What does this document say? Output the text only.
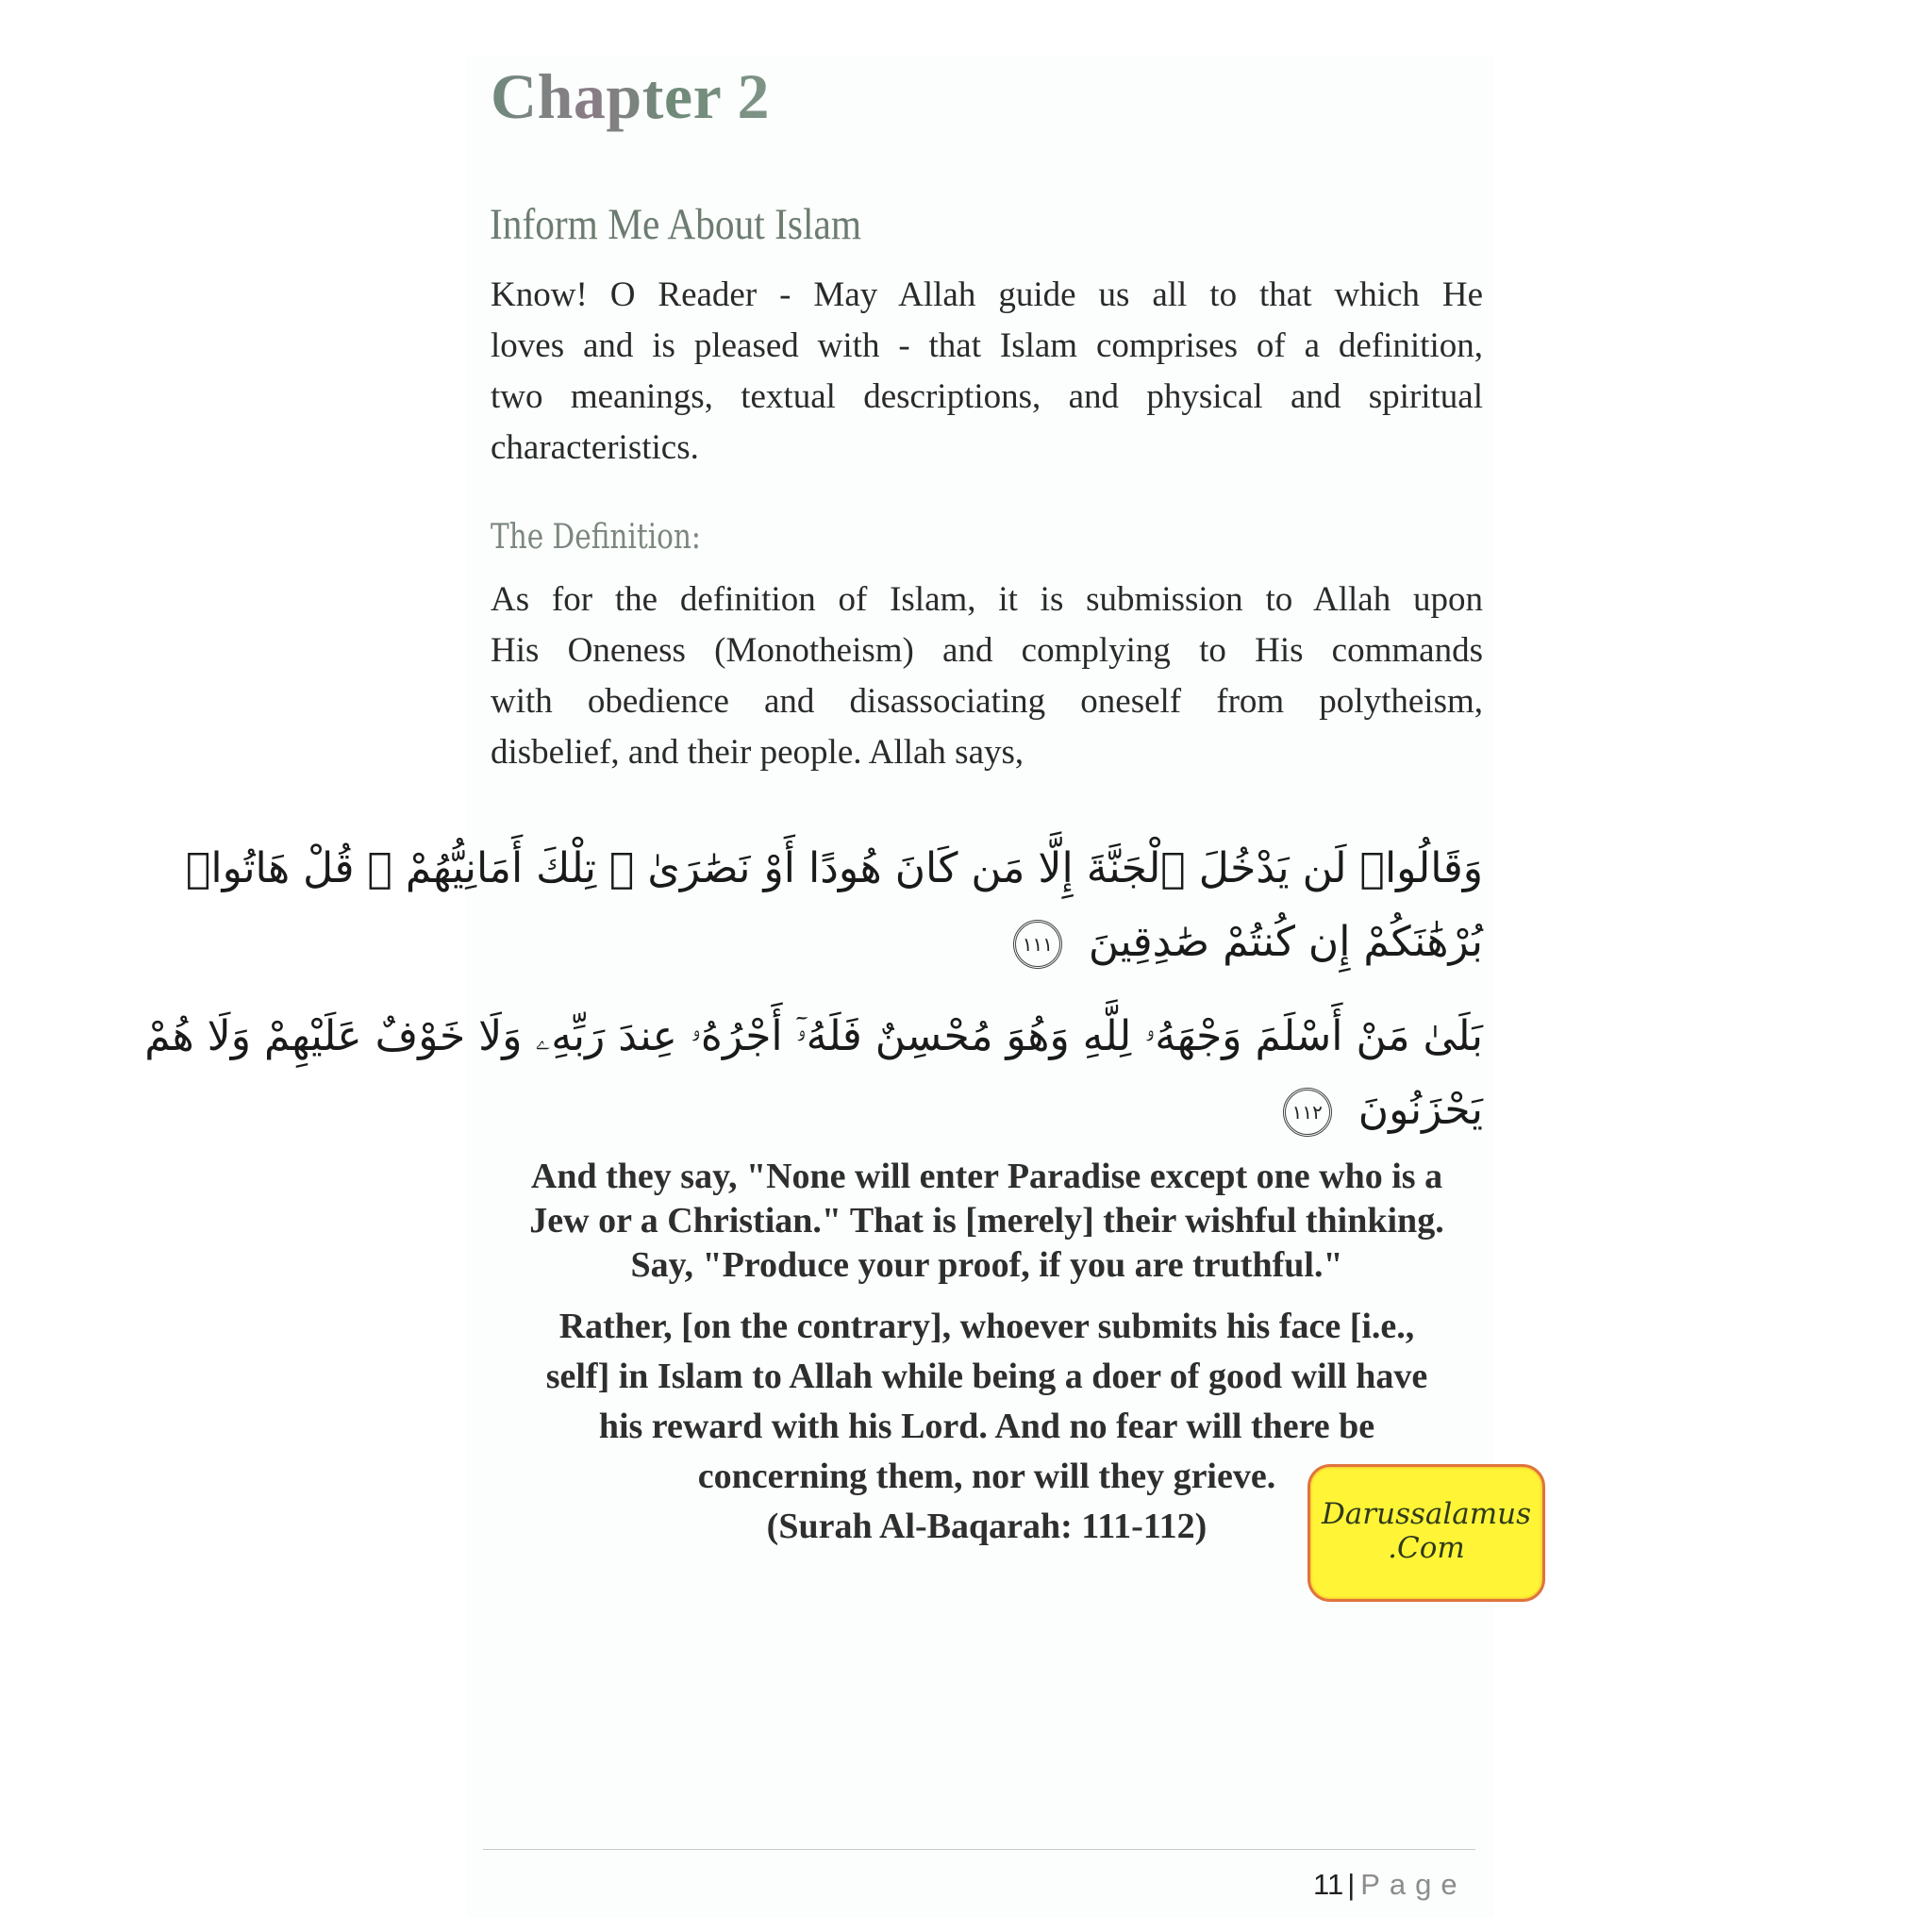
Chapter 2
Inform Me About Islam
Know! O Reader - May Allah guide us all to that which He
loves and is pleased with - that Islam comprises of a definition,
two meanings, textual descriptions, and physical and spiritual
characteristics.
The Definition:
As for the definition of Islam, it is submission to Allah upon
His Oneness (Monotheism) and complying to His commands
with obedience and disassociating oneself from polytheism,
disbelief, and their people. Allah says,
وَقَالُوا۟ لَن يَدْخُلَ ٱلْجَنَّةَ إِلَّا مَن كَانَ هُودًا أَوْ نَصَٰرَىٰ ۗ تِلْكَ أَمَانِيُّهُمْ ۗ قُلْ هَاتُوا۟
بُرْهَٰنَكُمْ إِن كُنتُمْ صَٰدِقِينَ ١١١
بَلَىٰ مَنْ أَسْلَمَ وَجْهَهُۥ لِلَّهِ وَهُوَ مُحْسِنٌ فَلَهُۥٓ أَجْرُهُۥ عِندَ رَبِّهِۦ وَلَا خَوْفٌ عَلَيْهِمْ وَلَا هُمْ
يَحْزَنُونَ ١١٢
And they say, "None will enter Paradise except one who is a
Jew or a Christian." That is [merely] their wishful thinking.
Say, "Produce your proof, if you are truthful."
Rather, [on the contrary], whoever submits his face [i.e.,
self] in Islam to Allah while being a doer of good will have
his reward with his Lord. And no fear will there be
concerning them, nor will they grieve.
(Surah Al-Baqarah: 111-112)	Darussalamus
.Com
11 | Page
